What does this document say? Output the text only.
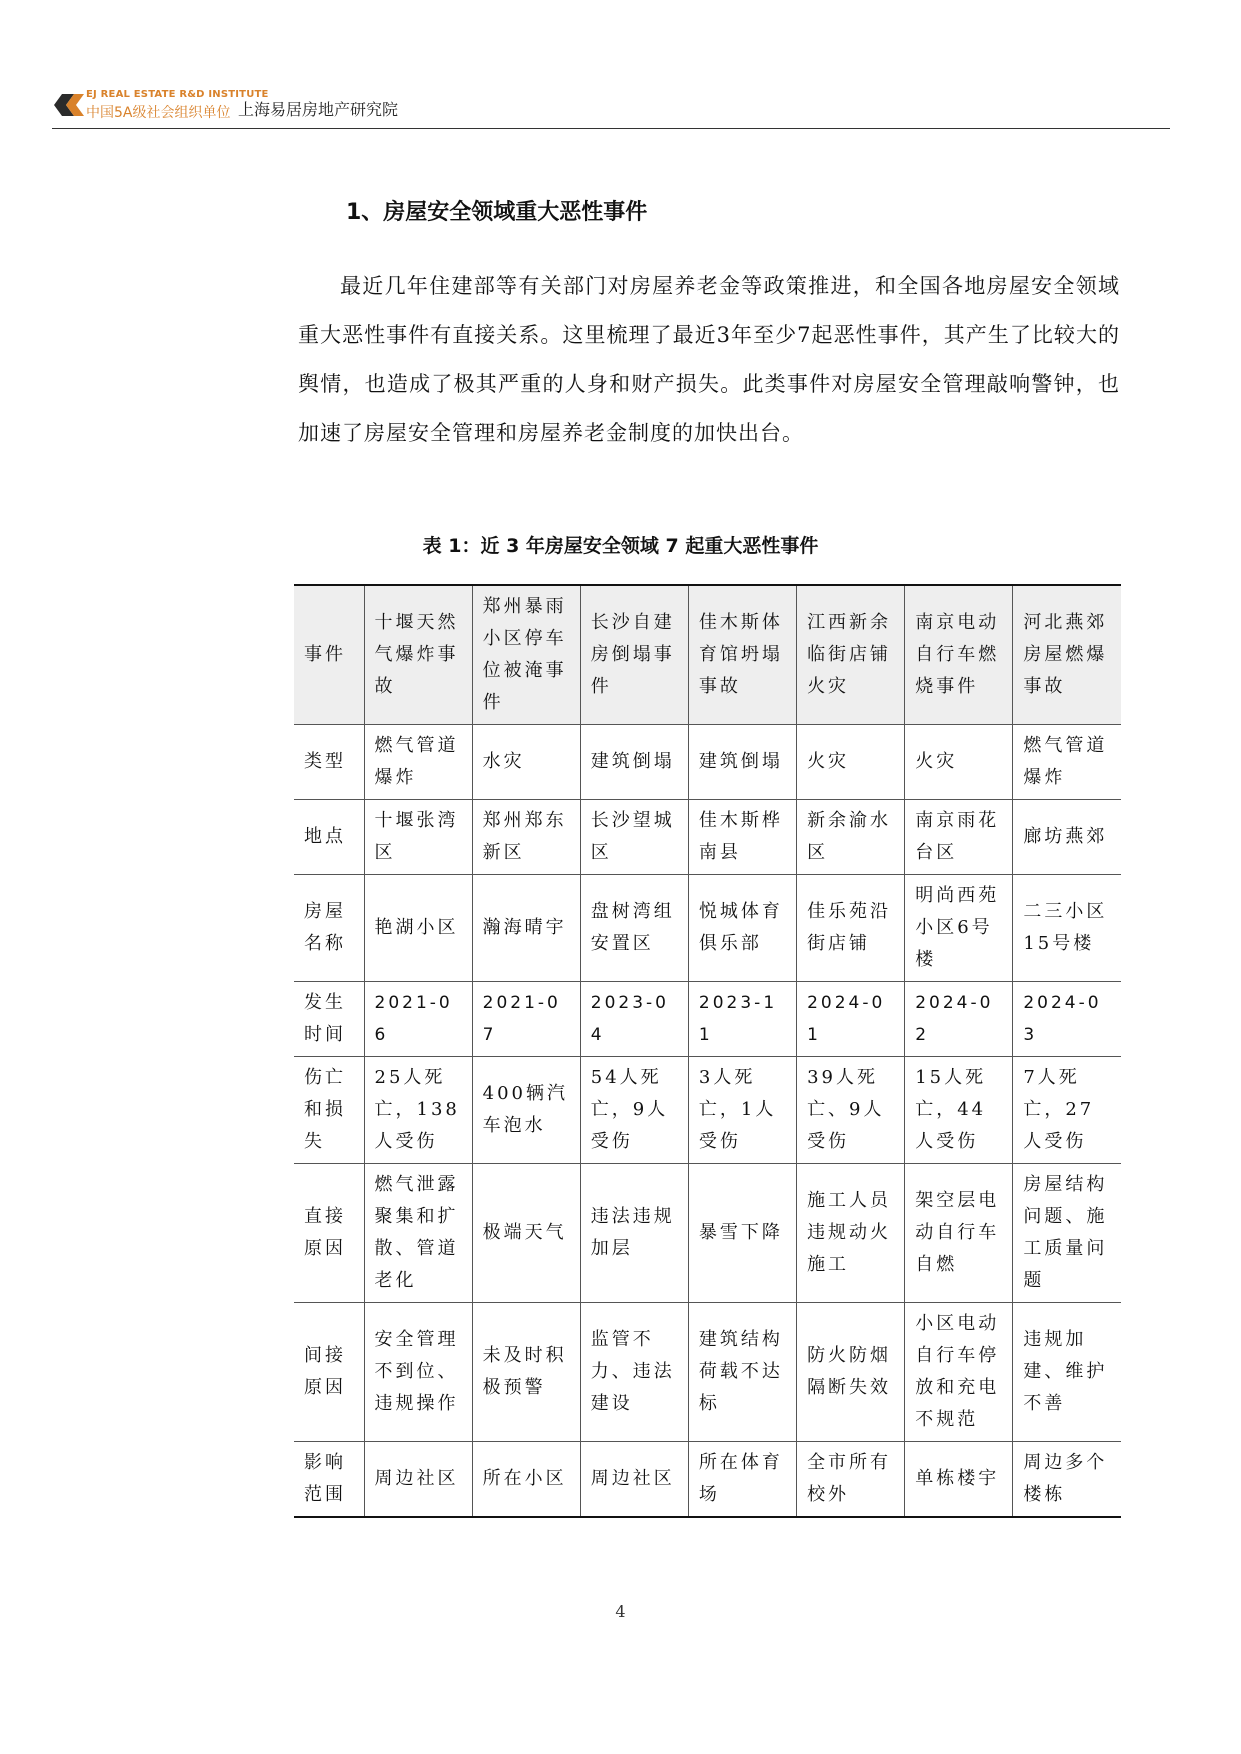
EJ REAL ESTATE R&D INSTITUTE
中国5A级社会组织单位 上海易居房地产研究院
1、房屋安全领域重大恶性事件
最近几年住建部等有关部门对房屋养老金等政策推进，和全国各地房屋安全领域重大恶性事件有直接关系。这里梳理了最近3年至少7起恶性事件，其产生了比较大的舆情，也造成了极其严重的人身和财产损失。此类事件对房屋安全管理敲响警钟，也加速了房屋安全管理和房屋养老金制度的加快出台。
表 1：近 3 年房屋安全领域 7 起重大恶性事件
事件	十堰天然气爆炸事故	郑州暴雨小区停车位被淹事件	长沙自建房倒塌事件	佳木斯体育馆坍塌事故	江西新余临街店铺火灾	南京电动自行车燃烧事件	河北燕郊房屋燃爆事故
类型	燃气管道爆炸	水灾	建筑倒塌	建筑倒塌	火灾	火灾	燃气管道爆炸
地点	十堰张湾区	郑州郑东新区	长沙望城区	佳木斯桦南县	新余渝水区	南京雨花台区	廊坊燕郊
房屋名称	艳湖小区	瀚海晴宇	盘树湾组安置区	悦城体育俱乐部	佳乐苑沿街店铺	明尚西苑小区6号楼	二三小区15号楼
发生时间	2021-06	2021-07	2023-04	2023-11	2024-01	2024-02	2024-03
伤亡和损失	25人死亡，138人受伤	400辆汽车泡水	54人死亡，9人受伤	3人死亡，1人受伤	39人死亡、9人受伤	15人死亡，44人受伤	7人死亡，27人受伤
直接原因	燃气泄露聚集和扩散、管道老化	极端天气	违法违规加层	暴雪下降	施工人员违规动火施工	架空层电动自行车自燃	房屋结构问题、施工质量问题
间接原因	安全管理不到位、违规操作	未及时积极预警	监管不力、违法建设	建筑结构荷载不达标	防火防烟隔断失效	小区电动自行车停放和充电不规范	违规加建、维护不善
影响范围	周边社区	所在小区	周边社区	所在体育场	全市所有校外	单栋楼宇	周边多个楼栋
4
